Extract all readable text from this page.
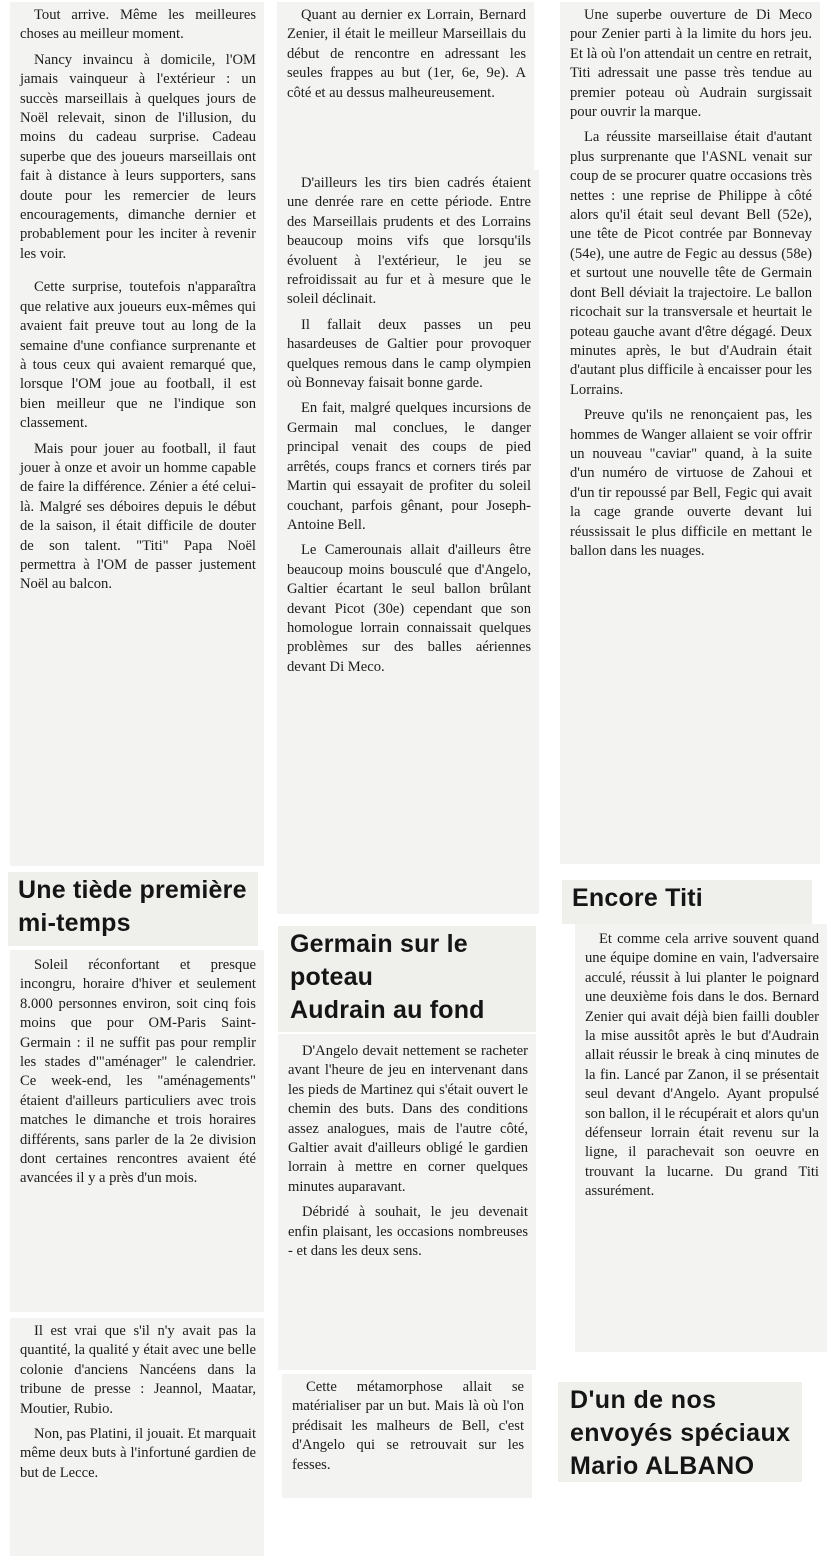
Tout arrive. Même les meilleures choses au meilleur moment.

Nancy invaincu à domicile, l'OM jamais vainqueur à l'extérieur : un succès marseillais à quelques jours de Noël relevait, sinon de l'illusion, du moins du cadeau surprise. Cadeau superbe que des joueurs marseillais ont fait à distance à leurs supporters, sans doute pour les remercier de leurs encouragements, dimanche dernier et probablement pour les inciter à revenir les voir.

Cette surprise, toutefois n'apparaîtra que relative aux joueurs eux-mêmes qui avaient fait preuve tout au long de la semaine d'une confiance surprenante et à tous ceux qui avaient remarqué que, lorsque l'OM joue au football, il est bien meilleur que ne l'indique son classement.

Mais pour jouer au football, il faut jouer à onze et avoir un homme capable de faire la différence. Zénier a été celui-là. Malgré ses déboires depuis le début de la saison, il était difficile de douter de son talent. "Titi" Papa Noël permettra à l'OM de passer justement Noël au balcon.

Une tiède première
mi-temps

Soleil réconfortant et presque incongru, horaire d'hiver et seulement 8.000 personnes environ, soit cinq fois moins que pour OM-Paris Saint-Germain : il ne suffit pas pour remplir les stades d'"aménager" le calendrier. Ce week-end, les "aménagements" étaient d'ailleurs particuliers avec trois matches le dimanche et trois horaires différents, sans parler de la 2e division dont certaines rencontres avaient été avancées il y a près d'un mois.

Il est vrai que s'il n'y avait pas la quantité, la qualité y était avec une belle colonie d'anciens Nancéens dans la tribune de presse : Jeannol, Maatar, Moutier, Rubio.

Non, pas Platini, il jouait. Et marquait même deux buts à l'infortuné gardien de but de Lecce.

Quant au dernier ex Lorrain, Bernard Zenier, il était le meilleur Marseillais du début de rencontre en adressant les seules frappes au but (1er, 6e, 9e). A côté et au dessus malheureusement.

D'ailleurs les tirs bien cadrés étaient une denrée rare en cette période. Entre des Marseillais prudents et des Lorrains beaucoup moins vifs que lorsqu'ils évoluent à l'extérieur, le jeu se refroidissait au fur et à mesure que le soleil déclinait.

Il fallait deux passes un peu hasardeuses de Galtier pour provoquer quelques remous dans le camp olympien où Bonnevay faisait bonne garde.

En fait, malgré quelques incursions de Germain mal conclues, le danger principal venait des coups de pied arrêtés, coups francs et corners tirés par Martin qui essayait de profiter du soleil couchant, parfois gênant, pour Joseph-Antoine Bell.

Le Camerounais allait d'ailleurs être beaucoup moins bousculé que d'Angelo, Galtier écartant le seul ballon brûlant devant Picot (30e) cependant que son homologue lorrain connaissait quelques problèmes sur des balles aériennes devant Di Meco.

Germain sur le
poteau
Audrain au fond

D'Angelo devait nettement se racheter avant l'heure de jeu en intervenant dans les pieds de Martinez qui s'était ouvert le chemin des buts. Dans des conditions assez analogues, mais de l'autre côté, Galtier avait d'ailleurs obligé le gardien lorrain à mettre en corner quelques minutes auparavant.

Débridé à souhait, le jeu devenait enfin plaisant, les occasions nombreuses - et dans les deux sens.

Cette métamorphose allait se matérialiser par un but. Mais là où l'on prédisait les malheurs de Bell, c'est d'Angelo qui se retrouvait sur les fesses.

Une superbe ouverture de Di Meco pour Zenier parti à la limite du hors jeu. Et là où l'on attendait un centre en retrait, Titi adressait une passe très tendue au premier poteau où Audrain surgissait pour ouvrir la marque.

La réussite marseillaise était d'autant plus surprenante que l'ASNL venait sur coup de se procurer quatre occasions très nettes : une reprise de Philippe à côté alors qu'il était seul devant Bell (52e), une tête de Picot contrée par Bonnevay (54e), une autre de Fegic au dessus (58e) et surtout une nouvelle tête de Germain dont Bell déviait la trajectoire. Le ballon ricochait sur la transversale et heurtait le poteau gauche avant d'être dégagé. Deux minutes après, le but d'Audrain était d'autant plus difficile à encaisser pour les Lorrains.

Preuve qu'ils ne renonçaient pas, les hommes de Wanger allaient se voir offrir un nouveau "caviar" quand, à la suite d'un numéro de virtuose de Zahoui et d'un tir repoussé par Bell, Fegic qui avait la cage grande ouverte devant lui réussissait le plus difficile en mettant le ballon dans les nuages.

Encore Titi

Et comme cela arrive souvent quand une équipe domine en vain, l'adversaire acculé, réussit à lui planter le poignard une deuxième fois dans le dos. Bernard Zenier qui avait déjà bien failli doubler la mise aussitôt après le but d'Audrain allait réussir le break à cinq minutes de la fin. Lancé par Zanon, il se présentait seul devant d'Angelo. Ayant propulsé son ballon, il le récupérait et alors qu'un défenseur lorrain était revenu sur la ligne, il parachevait son oeuvre en trouvant la lucarne. Du grand Titi assurément.

D'un de nos
envoyés spéciaux
Mario ALBANO
